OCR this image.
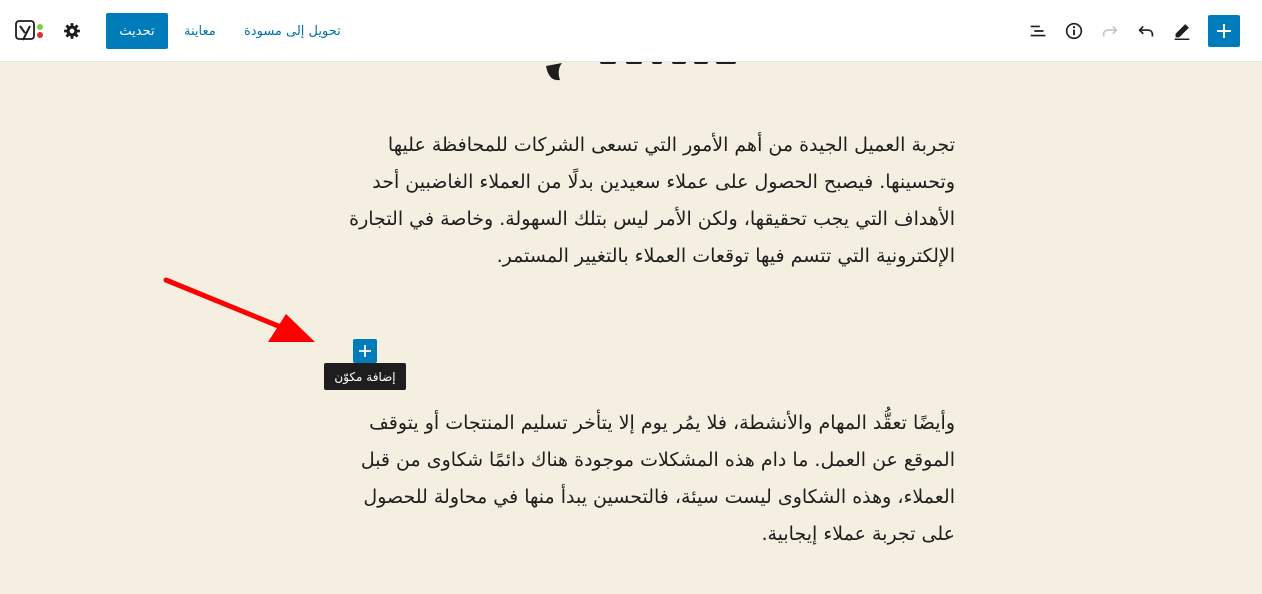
تحديث	معاينة تحويل إلى مسودة

تجربة العميل الجيدة من أهم الأمور التي تسعى الشركات للمحافظة عليها وتحسينها. فيصبح الحصول على عملاء سعيدين بدلًا من العملاء الغاضبين أحد الأهداف التي يجب تحقيقها، ولكن الأمر ليس بتلك السهولة. وخاصة في التجارة الإلكترونية التي تتسم فيها توقعات العملاء بالتغيير المستمر.

وأيضًا تعقُّد المهام والأنشطة، فلا يمُر يوم إلا يتأخر تسليم المنتجات أو يتوقف الموقع عن العمل. ما دام هذه المشكلات موجودة هناك دائمًا شكاوى من قبل العملاء، وهذه الشكاوى ليست سيئة، فالتحسين يبدأ منها في محاولة للحصول على تجربة عملاء إيجابية.

إضافة مكوّن
